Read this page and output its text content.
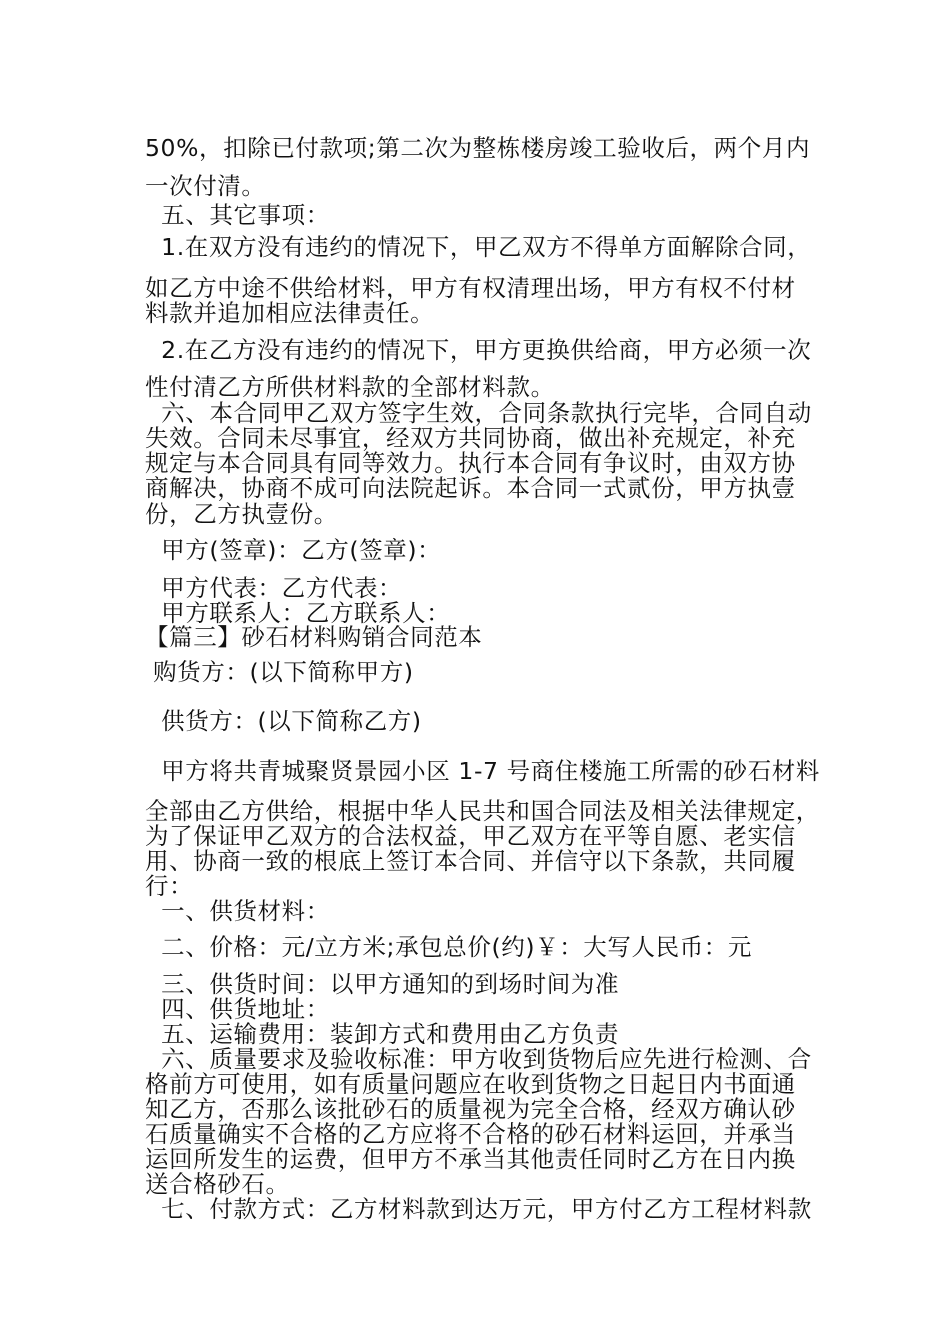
50%，扣除已付款项;第二次为整栋楼房竣工验收后，两个月内

一次付清。

五、其它事项：

1.在双方没有违约的情况下，甲乙双方不得单方面解除合同，

如乙方中途不供给材料，甲方有权清理出场，甲方有权不付材

料款并追加相应法律责任。

2.在乙方没有违约的情况下，甲方更换供给商，甲方必须一次

性付清乙方所供材料款的全部材料款。

六、本合同甲乙双方签字生效，合同条款执行完毕，合同自动

失效。合同未尽事宜，经双方共同协商，做出补充规定，补充

规定与本合同具有同等效力。执行本合同有争议时，由双方协

商解决，协商不成可向法院起诉。本合同一式贰份，甲方执壹

份，乙方执壹份。

甲方(签章)：乙方(签章)：

甲方代表：乙方代表：

甲方联系人：乙方联系人：

【篇三】砂石材料购销合同范本

购货方：(以下简称甲方)

供货方：(以下简称乙方)

甲方将共青城聚贤景园小区 1-7 号商住楼施工所需的砂石材料

全部由乙方供给，根据中华人民共和国合同法及相关法律规定，

为了保证甲乙双方的合法权益，甲乙双方在平等自愿、老实信

用、协商一致的根底上签订本合同、并信守以下条款，共同履

行：

一、供货材料：

二、价格：元/立方米;承包总价(约)￥：大写人民币：元

三、供货时间：以甲方通知的到场时间为准

四、供货地址：

五、运输费用：装卸方式和费用由乙方负责

六、质量要求及验收标准：甲方收到货物后应先进行检测、合

格前方可使用，如有质量问题应在收到货物之日起日内书面通

知乙方，否那么该批砂石的质量视为完全合格，经双方确认砂

石质量确实不合格的乙方应将不合格的砂石材料运回，并承当

运回所发生的运费，但甲方不承当其他责任同时乙方在日内换

送合格砂石。

七、付款方式：乙方材料款到达万元，甲方付乙方工程材料款
